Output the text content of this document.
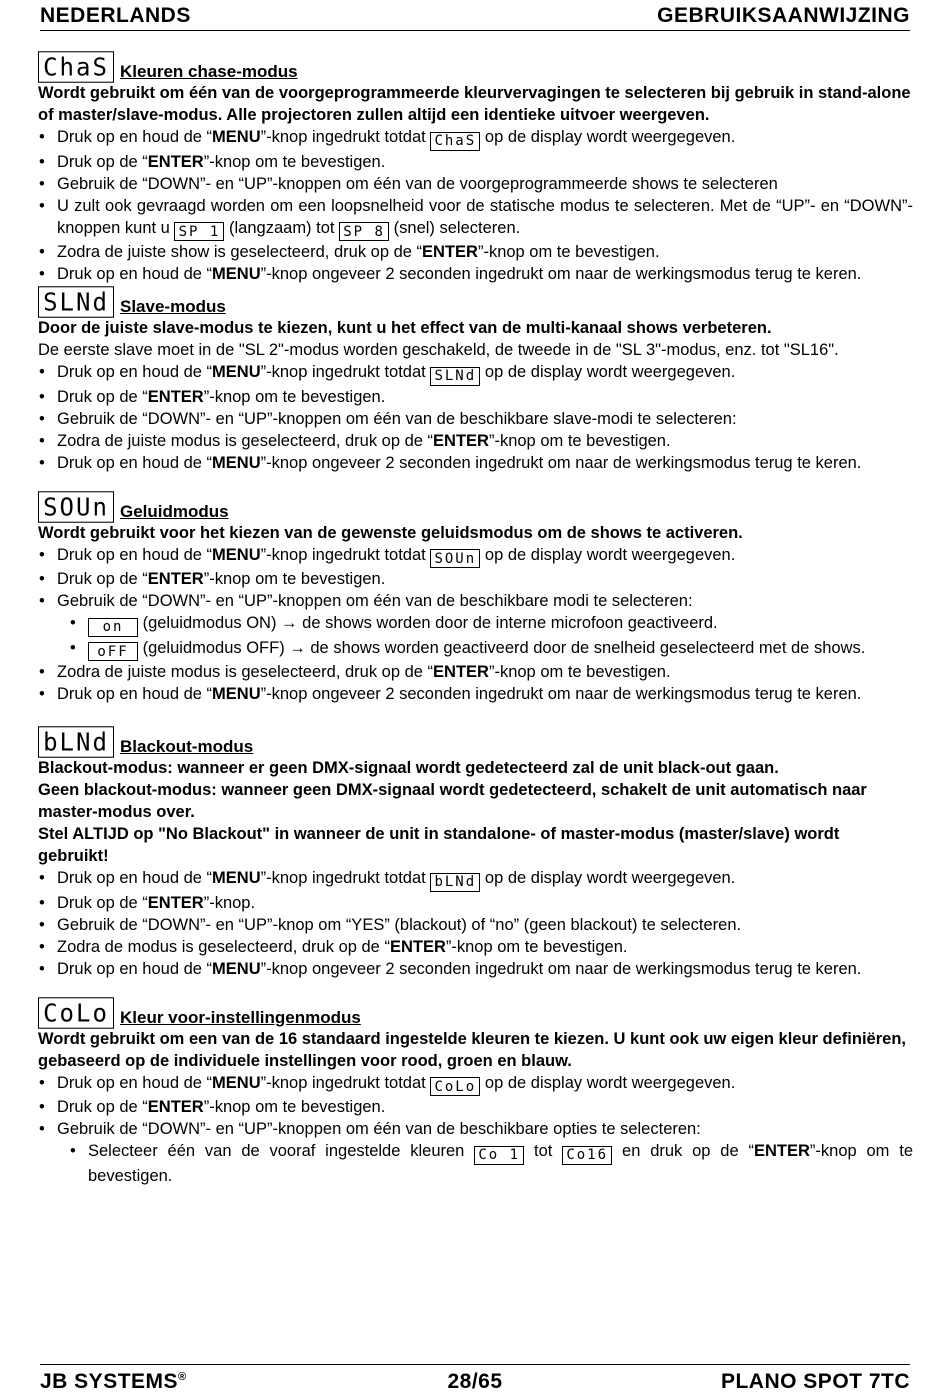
NEDERLANDS	GEBRUIKSAANWIJZING
ChaS Kleuren chase-modus
Wordt gebruikt om één van de voorgeprogrammeerde kleurvervagingen te selecteren bij gebruik in stand-alone of master/slave-modus. Alle projectoren zullen altijd een identieke uitvoer weergeven.
• Druk op en houd de “MENU”-knop ingedrukt totdat ChaS op de display wordt weergegeven.
• Druk op de “ENTER”-knop om te bevestigen.
• Gebruik de “DOWN”- en “UP”-knoppen om één van de voorgeprogrammeerde shows te selecteren
• U zult ook gevraagd worden om een loopsnelheid voor de statische modus te selecteren. Met de “UP”- en “DOWN”- knoppen kunt u SP 1 (langzaam) tot SP 8 (snel) selecteren.
• Zodra de juiste show is geselecteerd, druk op de “ENTER”-knop om te bevestigen.
• Druk op en houd de “MENU”-knop ongeveer 2 seconden ingedrukt om naar de werkingsmodus terug te keren.
SLNd Slave-modus
Door de juiste slave-modus te kiezen, kunt u het effect van de multi-kanaal shows verbeteren.
De eerste slave moet in de "SL 2"-modus worden geschakeld, de tweede in de "SL 3"-modus, enz. tot "SL16".
• Druk op en houd de “MENU”-knop ingedrukt totdat SLNd op de display wordt weergegeven.
• Druk op de “ENTER”-knop om te bevestigen.
• Gebruik de “DOWN”- en “UP”-knoppen om één van de beschikbare slave-modi te selecteren:
• Zodra de juiste modus is geselecteerd, druk op de “ENTER”-knop om te bevestigen.
• Druk op en houd de “MENU”-knop ongeveer 2 seconden ingedrukt om naar de werkingsmodus terug te keren.
SOUn Geluidmodus
Wordt gebruikt voor het kiezen van de gewenste geluidsmodus om de shows te activeren.
• Druk op en houd de “MENU”-knop ingedrukt totdat SOUn op de display wordt weergegeven.
• Druk op de “ENTER”-knop om te bevestigen.
• Gebruik de “DOWN”- en “UP”-knoppen om één van de beschikbare modi te selecteren:
• on (geluidmodus ON) → de shows worden door de interne microfoon geactiveerd.
• oFF (geluidmodus OFF) → de shows worden geactiveerd door de snelheid geselecteerd met de shows.
• Zodra de juiste modus is geselecteerd, druk op de “ENTER”-knop om te bevestigen.
• Druk op en houd de “MENU”-knop ongeveer 2 seconden ingedrukt om naar de werkingsmodus terug te keren.
bLNd Blackout-modus
Blackout-modus: wanneer er geen DMX-signaal wordt gedetecteerd zal de unit black-out gaan.
Geen blackout-modus: wanneer geen DMX-signaal wordt gedetecteerd, schakelt de unit automatisch naar master-modus over.
Stel ALTIJD op "No Blackout" in wanneer de unit in standalone- of master-modus (master/slave) wordt gebruikt!
• Druk op en houd de “MENU”-knop ingedrukt totdat bLNd op de display wordt weergegeven.
• Druk op de “ENTER”-knop.
• Gebruik de “DOWN”- en “UP”-knop om “YES” (blackout) of “no” (geen blackout) te selecteren.
• Zodra de modus is geselecteerd, druk op de “ENTER”-knop om te bevestigen.
• Druk op en houd de “MENU”-knop ongeveer 2 seconden ingedrukt om naar de werkingsmodus terug te keren.
CoLo Kleur voor-instellingenmodus
Wordt gebruikt om een van de 16 standaard ingestelde kleuren te kiezen. U kunt ook uw eigen kleur definiëren, gebaseerd op de individuele instellingen voor rood, groen en blauw.
• Druk op en houd de “MENU”-knop ingedrukt totdat CoLo op de display wordt weergegeven.
• Druk op de “ENTER”-knop om te bevestigen.
• Gebruik de “DOWN”- en “UP”-knoppen om één van de beschikbare opties te selecteren:
• Selecteer één van de vooraf ingestelde kleuren Co 1 tot Co16 en druk op de “ENTER”-knop om te bevestigen.
JB SYSTEMS®	28/65	PLANO SPOT 7TC
